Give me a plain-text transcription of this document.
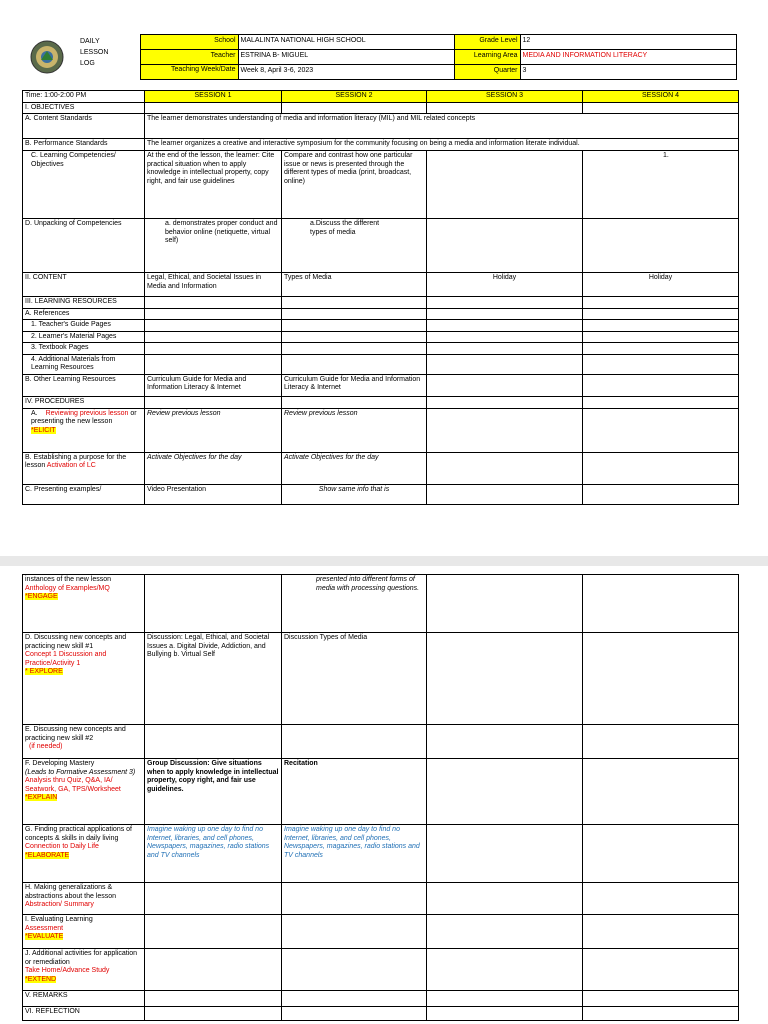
	DAILY
LESSON
LOG	School	MALALINTA NATIONAL HIGH SCHOOL	Grade Level	12
		Teacher	ESTRINA B- MIGUEL	Learning Area	MEDIA AND INFORMATION LITERACY
		Teaching Week/Date	Week 8, April 3-6, 2023	Quarter	3

Time: 1:00-2:00 PM	SESSION 1	SESSION 2	SESSION 3	SESSION 4
I. OBJECTIVES				
A. Content Standards	The learner demonstrates understanding of media and information literacy (MIL) and MIL related concepts			
B. Performance Standards	The learner organizes a creative and interactive symposium for the community focusing on being a media and information literate individual.			
C. Learning Competencies/ Objectives	At the end of the lesson, the learner: Cite practical situation when to apply knowledge in intellectual property, copy right, and fair use guidelines	Compare and contrast how one particular issue or news is presented through the different types of media (print, broadcast, online)		1.
D. Unpacking of Competencies	a. demonstrates proper conduct and behavior online (netiquette, virtual self)	a.Discuss the different types of media		
II. CONTENT	Legal, Ethical, and Societal Issues in Media and Information	Types of Media	Holiday	Holiday
III. LEARNING RESOURCES				
A. References				
1. Teacher's Guide Pages				
2. Learner's Material Pages				
3. Textbook Pages				
4. Additional Materials from Learning Resources				
B. Other Learning Resources	Curriculum Guide for Media and Information Literacy & Internet	Curriculum Guide for Media and Information Literacy & Internet		
IV. PROCEDURES				
A. Reviewing previous lesson or presenting the new lesson
*ELICIT	Review previous lesson	Review previous lesson		
B. Establishing a purpose for the lesson Activation of LC	Activate Objectives for the day	Activate Objectives for the day		
C. Presenting examples/	Video Presentation	Show same info that is		
instances of the new lesson
Anthology of Examples/MQ
*ENGAGE		presented into different forms of media with processing questions.		
D. Discussing new concepts and practicing new skill #1
Concept 1 Discussion and Practice/Activity 1
* EXPLORE	Discussion: Legal, Ethical, and Societal Issues a. Digital Divide, Addiction, and Bullying b. Virtual Self	Discussion Types of Media		
E. Discussing new concepts and practicing new skill #2
(if needed)				
F. Developing Mastery
(Leads to Formative Assessment 3) Analysis thru Quiz, Q&A, IA/ Seatwork, GA, TPS/Worksheet
*EXPLAIN	Group Discussion: Give situations when to apply knowledge in intellectual property, copy right, and fair use guidelines.	Recitation		
G. Finding practical applications of concepts & skills in daily living
Connection to Daily Life
*ELABORATE	Imagine waking up one day to find no Internet, libraries, and cell phones, Newspapers, magazines, radio stations and TV channels	Imagine waking up one day to find no Internet, libraries, and cell phones, Newspapers, magazines, radio stations and TV channels		
H. Making generalizations & abstractions about the lesson Abstraction/ Summary				
I. Evaluating Learning
Assessment
*EVALUATE				
J. Additional activities for application or remediation
Take Home/Advance Study
*EXTEND				
V. REMARKS				
VI. REFLECTION				
